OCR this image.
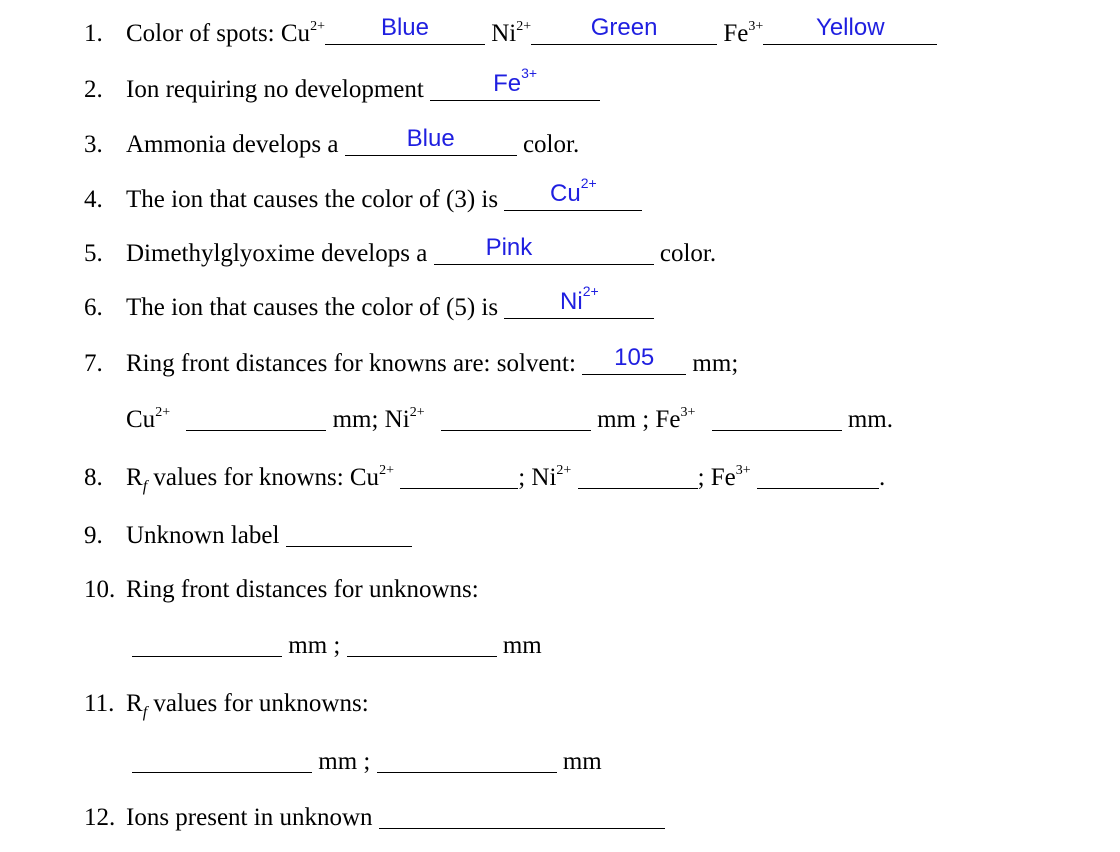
1. Color of spots: $Cu^{2+}$	Blue	$Ni^{2+}$	Green	$Fe^{3+}$	Yellow
2. Ion requiring no development	$Fe^{3+}$
3. Ammonia develops a	Blue	color.
4. The ion that causes the color of (3) is	$Cu^{2+}$
5. Dimethylglyoxime develops a	Pink	color.
6. The ion that causes the color of (5) is	$Ni^{2+}$
7. Ring front distances for knowns are: solvent:	105	mm;
$Cu^{2+}$	mm; $Ni^{2+}$	mm ; $Fe^{3+}$	mm.
8. $R_f$ values for knowns: $Cu^{2+}$	; $Ni^{2+}$	; $Fe^{3+}$	.
9. Unknown label
10. Ring front distances for unknowns:
mm ;	mm
11. $R_f$ values for unknowns:
mm ;	mm
12. Ions present in unknown
